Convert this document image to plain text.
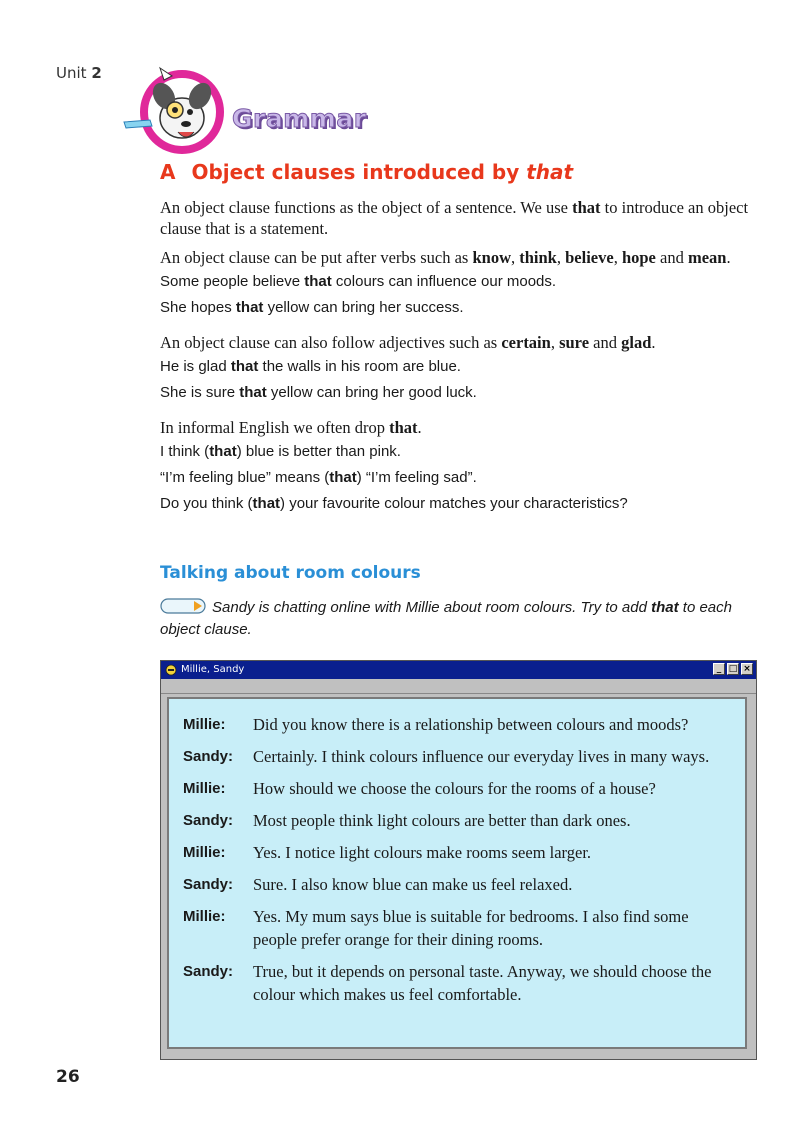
Unit 2
Grammar
A Object clauses introduced by that

An object clause functions as the object of a sentence. We use that to introduce an object clause that is a statement.

An object clause can be put after verbs such as know, think, believe, hope and mean.

Some people believe that colours can influence our moods.

She hopes that yellow can bring her success.

An object clause can also follow adjectives such as certain, sure and glad.

He is glad that the walls in his room are blue.

She is sure that yellow can bring her good luck.

In informal English we often drop that.

I think (that) blue is better than pink.

“I’m feeling blue” means (that) “I’m feeling sad”.

Do you think (that) your favourite colour matches your characteristics?

Talking about room colours
Sandy is chatting online with Millie about room colours. Try to add that to each object clause.
Millie, Sandy	_ □ ×
Millie:	Did you know there is a relationship between colours and moods?
Sandy:	Certainly. I think colours influence our everyday lives in many ways.
Millie:	How should we choose the colours for the rooms of a house?
Sandy:	Most people think light colours are better than dark ones.
Millie:	Yes. I notice light colours make rooms seem larger.
Sandy:	Sure. I also know blue can make us feel relaxed.
Millie:	Yes. My mum says blue is suitable for bedrooms. I also find some people prefer orange for their dining rooms.
Sandy:	True, but it depends on personal taste. Anyway, we should choose the colour which makes us feel comfortable.
26
